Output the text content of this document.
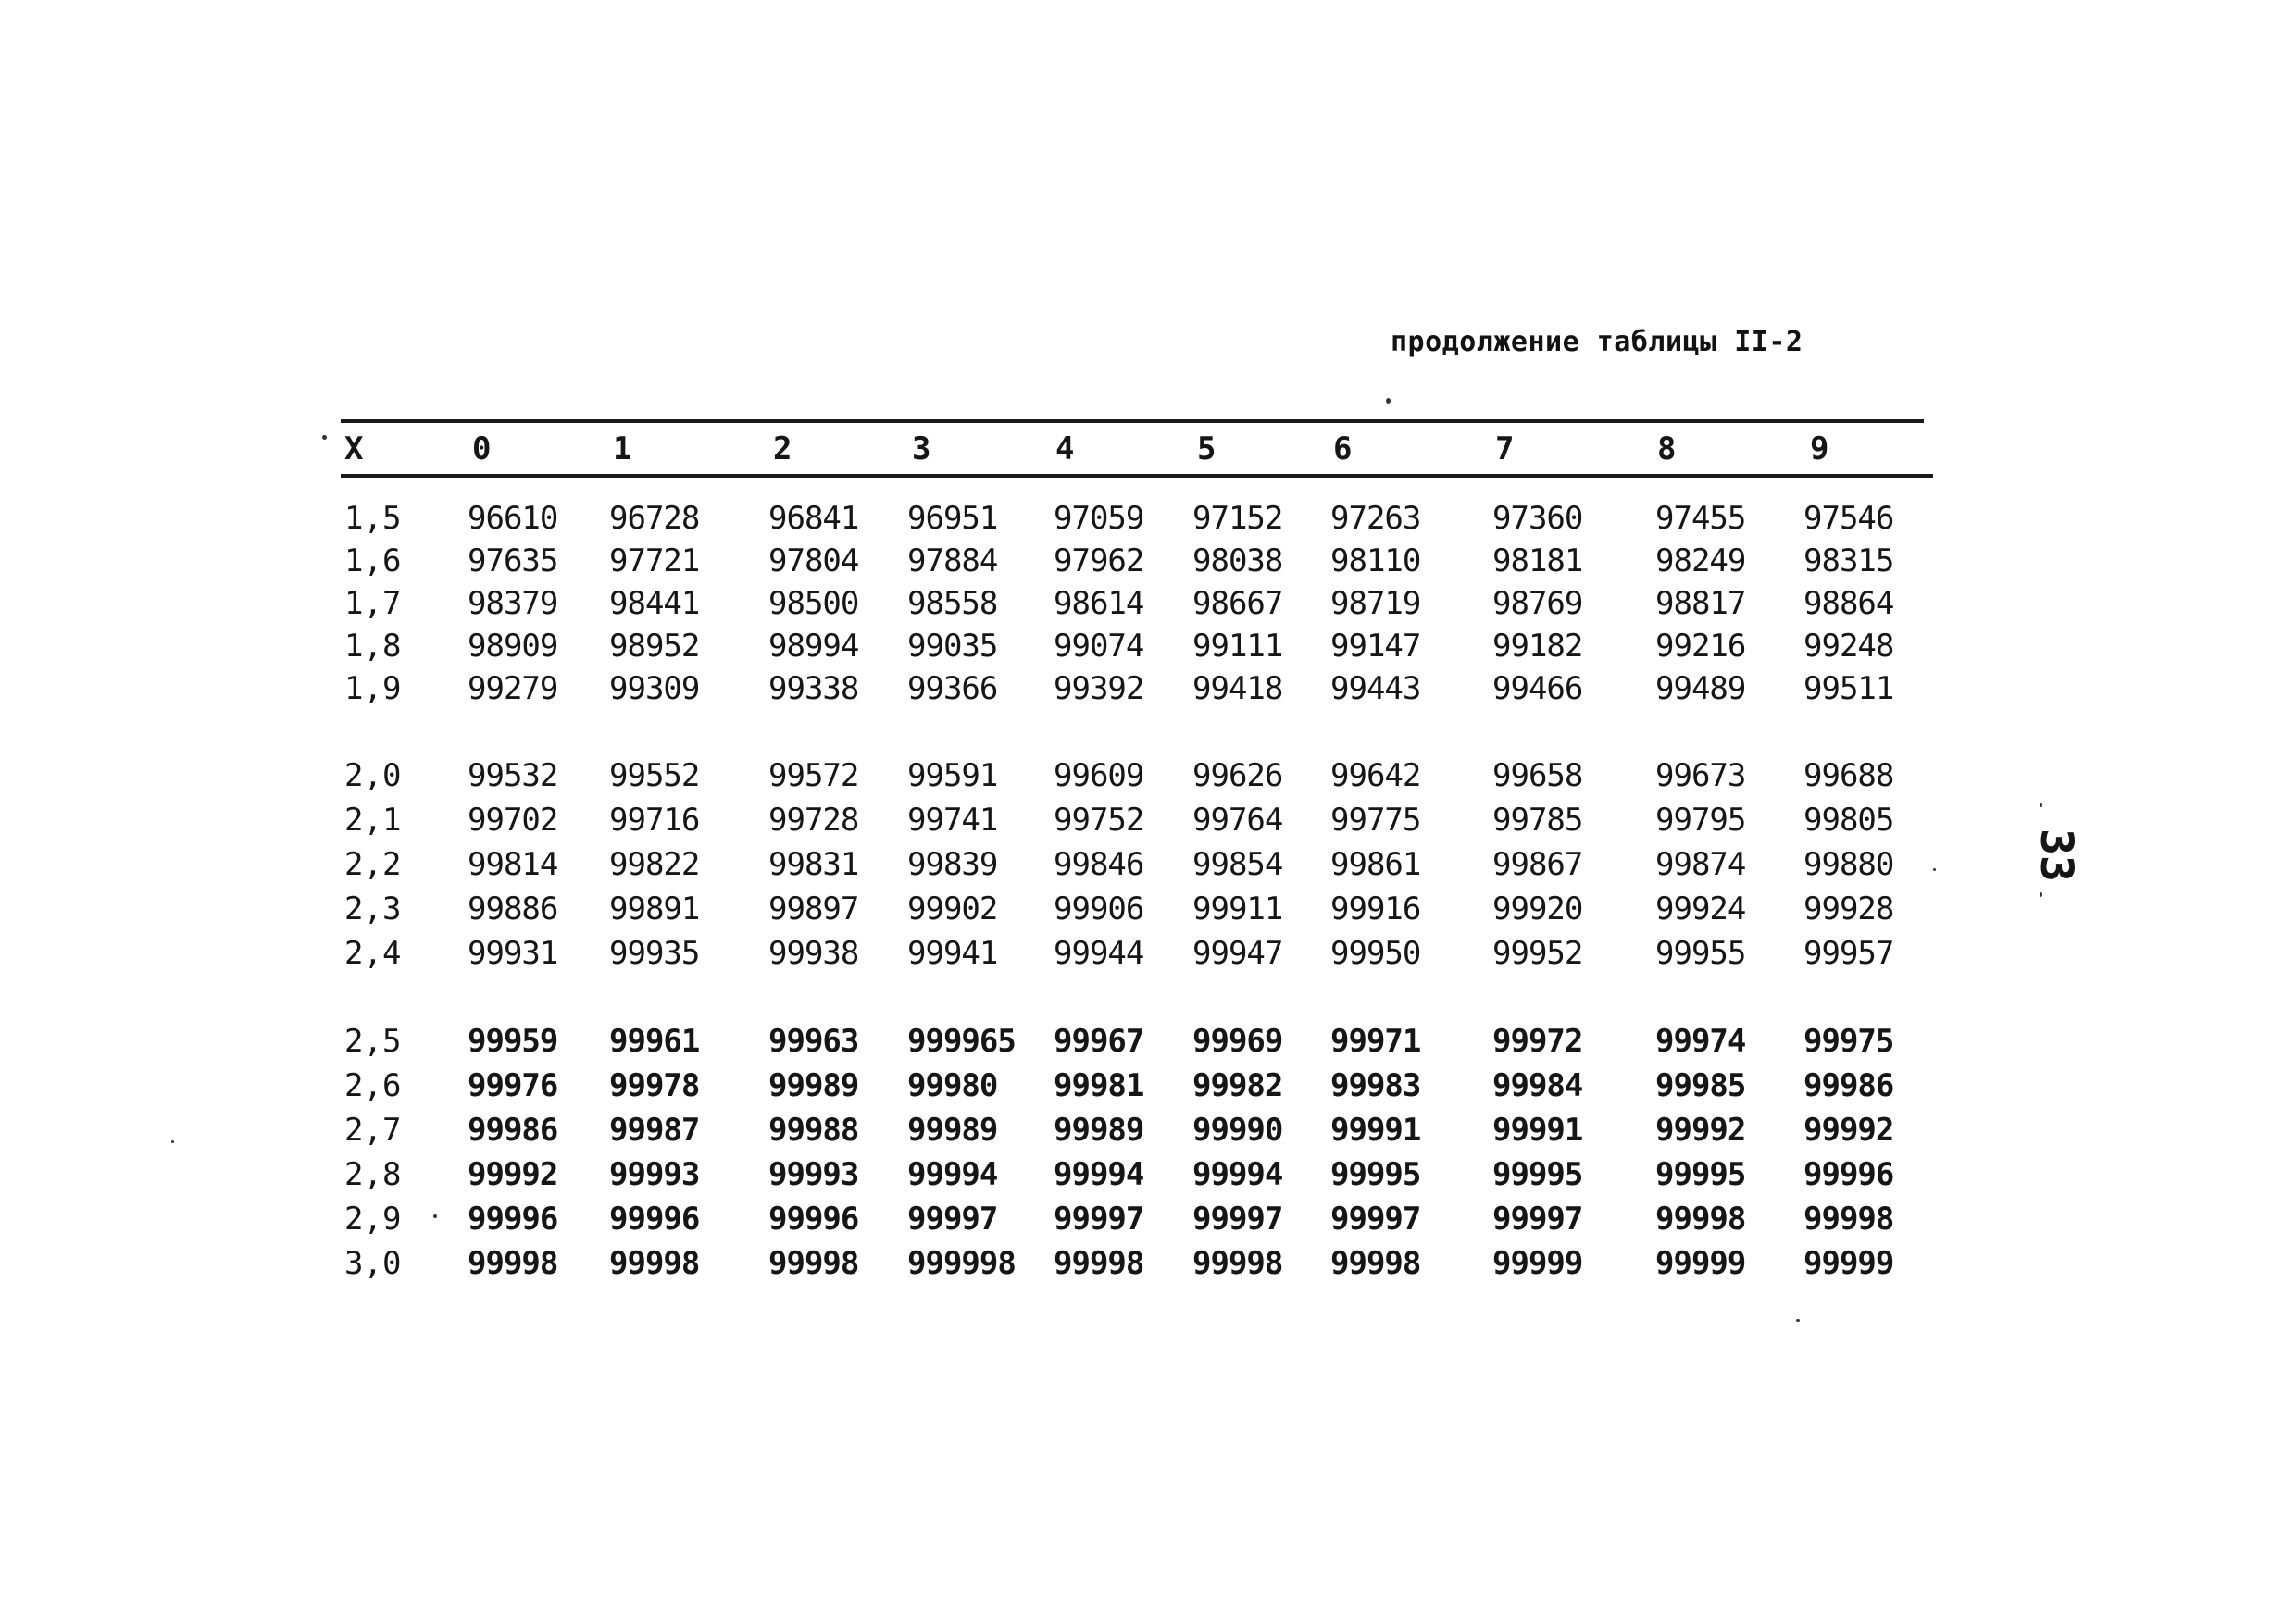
продолжение таблицы II-2
X	0	1	2	3	4	5	6	7	8	9
1,5 96610 96728 96841 96951 97059 97152 97263 97360 97455 97546
1,6 97635 97721 97804 97884 97962 98038 98110 98181 98249 98315
1,7 98379 98441 98500 98558 98614 98667 98719 98769 98817 98864
1,8 98909 98952 98994 99035 99074 99111 99147 99182 99216 99248
1,9 99279 99309 99338 99366 99392 99418 99443 99466 99489 99511
2,0 99532 99552 99572 99591 99609 99626 99642 99658 99673 99688
2,1 99702 99716 99728 99741 99752 99764 99775 99785 99795 99805
2,2 99814 99822 99831 99839 99846 99854 99861 99867 99874 99880
2,3 99886 99891 99897 99902 99906 99911 99916 99920 99924 99928
2,4 99931 99935 99938 99941 99944 99947 99950 99952 99955 99957
2,5 99959 99961 99963 999965 99967 99969 99971 99972 99974 99975
2,6 99976 99978 99989 99980 99981 99982 99983 99984 99985 99986
2,7 99986 99987 99988 99989 99989 99990 99991 99991 99992 99992
2,8 99992 99993 99993 99994 99994 99994 99995 99995 99995 99996
2,9 99996 99996 99996 99997 99997 99997 99997 99997 99998 99998
3,0 99998 99998 99998 999998 99998 99998 99998 99999 99999 99999
33
